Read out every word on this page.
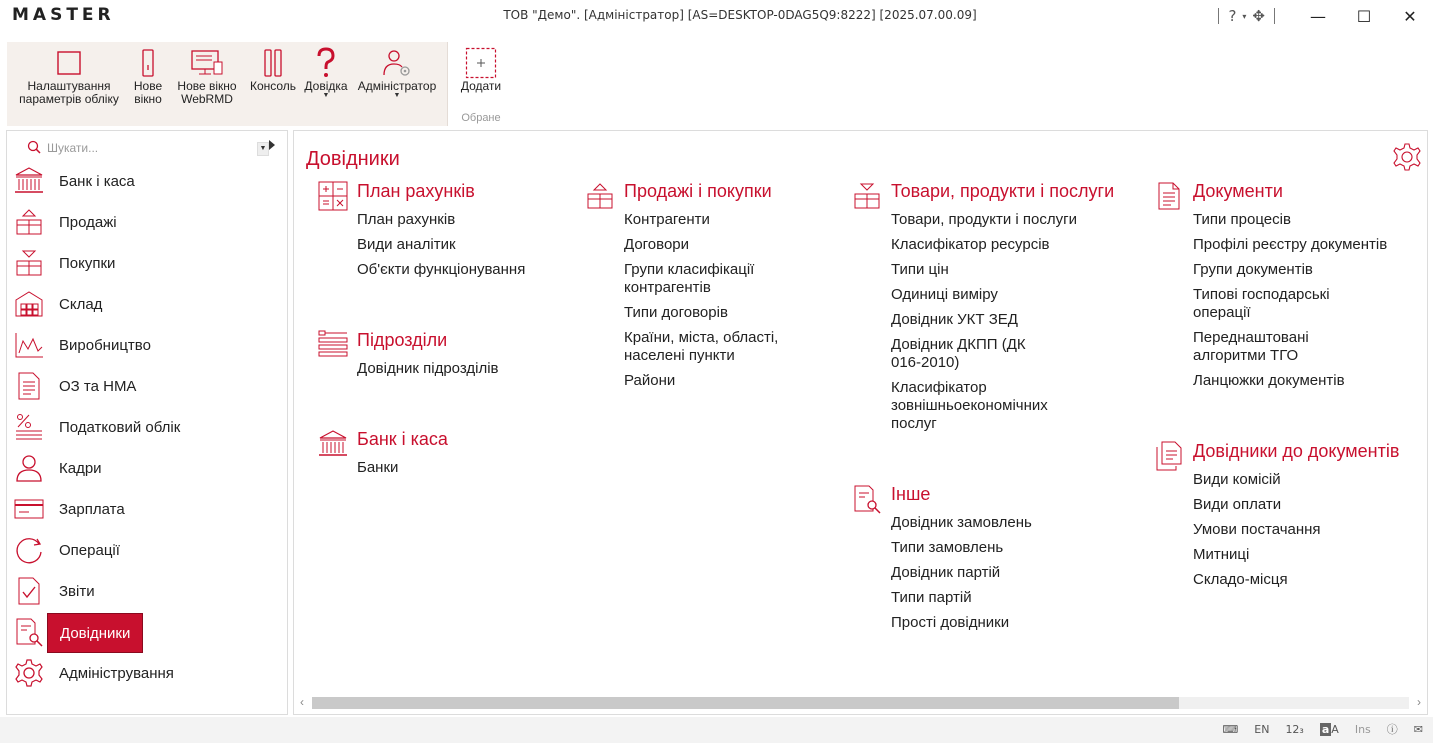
MASTER	ТОВ "Демо". [Адміністратор] [AS=DESKTOP-0DAG5Q9:8222] [2025.07.00.09]	? ▾ ✥	—	☐	✕
Налаштування
параметрів обліку
Нове
вікно
Нове вікно
WebRMD
Консоль Довідка
▼
Адміністратор
▼
Додати
Обране
Шукати...
▼
Банк і каса
Продажі
Покупки
Склад
Виробництво
ОЗ та НМА
Податковий облік
Кадри
Зарплата
Операції
Звіти
Довідники
Адміністрування
Довідники
План рахунків
План рахунків
Види аналітик
Об'єкти функціонування
Підрозділи
Довідник підрозділів
Банк і каса
Банки
Продажі і покупки
Контрагенти
Договори
Групи класифікації
контрагентів
Типи договорів
Країни, міста, області,
населені пункти
Райони
Товари, продукти і послуги
Товари, продукти і послуги
Класифікатор ресурсів
Типи цін
Одиниці виміру
Довідник УКТ ЗЕД
Довідник ДКПП (ДК
016-2010)
Класифікатор
зовнішньоекономічних
послуг
Інше
Довідник замовлень
Типи замовлень
Довідник партій
Типи партій
Прості довідники
Документи
Типи процесів
Профілі реєстру документів
Групи документів
Типові господарські
операції
Переднаштовані
алгоритми ТГО
Ланцюжки документів
Довідники до документів
Види комісій
Види оплати
Умови постачання
Митниці
Складо-місця
‹	›
⌨ EN 12₃ a A Ins ⓘ ✉
